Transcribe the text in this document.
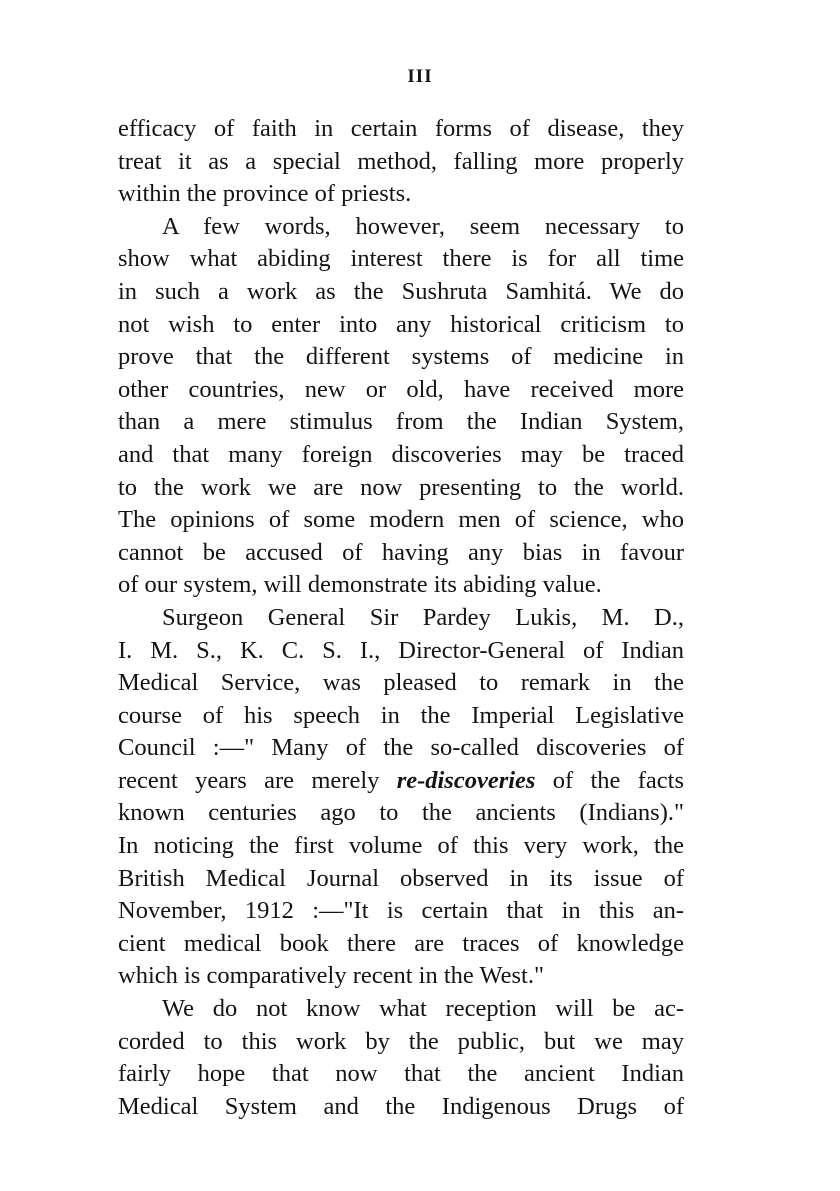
III
efficacy of faith in certain forms of disease, they
treat it as a special method, falling more properly
within the province of priests.
A few words, however, seem necessary to
show what abiding interest there is for all time
in such a work as the Sushruta Samhitá. We do
not wish to enter into any historical criticism to
prove that the different systems of medicine in
other countries, new or old, have received more
than a mere stimulus from the Indian System,
and that many foreign discoveries may be traced
to the work we are now presenting to the world.
The opinions of some modern men of science, who
cannot be accused of having any bias in favour
of our system, will demonstrate its abiding value.
Surgeon General Sir Pardey Lukis, M. D.,
I. M. S., K. C. S. I., Director-General of Indian
Medical Service, was pleased to remark in the
course of his speech in the Imperial Legislative
Council :—" Many of the so-called discoveries of
recent years are merely re-discoveries of the facts
known centuries ago to the ancients (Indians)."
In noticing the first volume of this very work, the
British Medical Journal observed in its issue of
November, 1912 :—"It is certain that in this an-
cient medical book there are traces of knowledge
which is comparatively recent in the West."
We do not know what reception will be ac-
corded to this work by the public, but we may
fairly hope that now that the ancient Indian
Medical System and the Indigenous Drugs of
